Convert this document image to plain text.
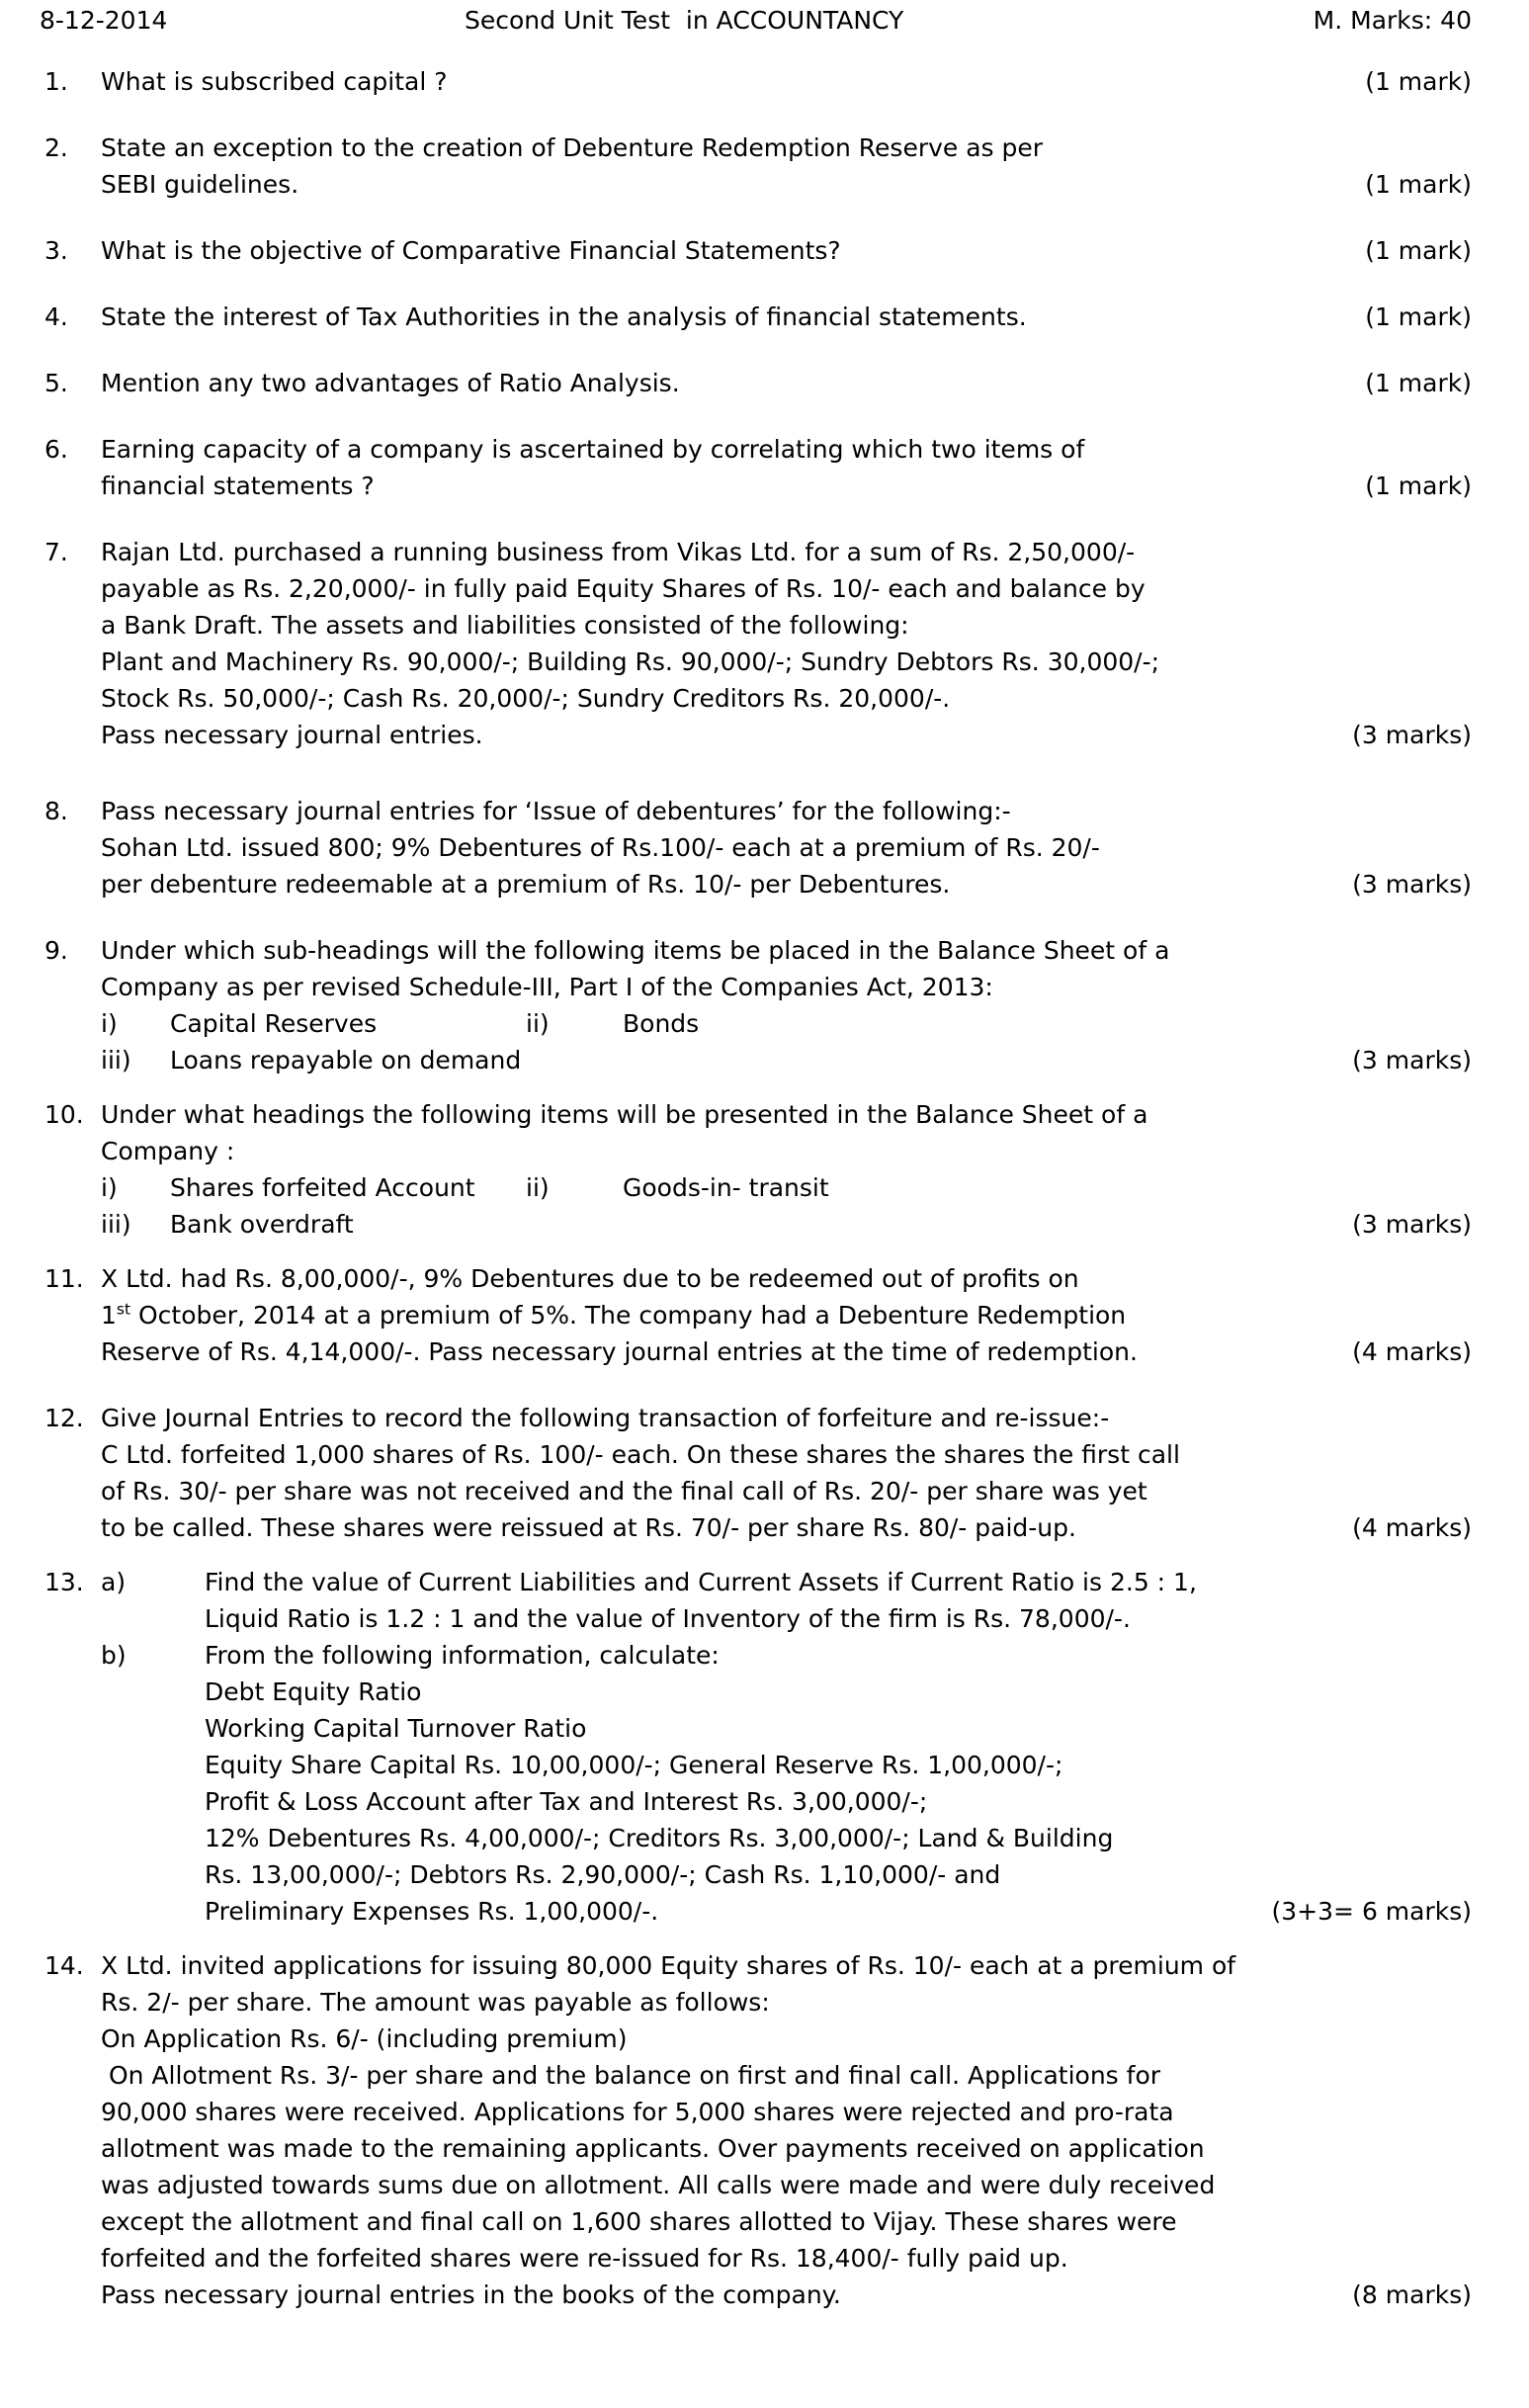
8-12-2014	Second Unit Test  in ACCOUNTANCY	M. Marks: 40
1.	What is subscribed capital ?	(1 mark)
2.	State an exception to the creation of Debenture Redemption Reserve as per
SEBI guidelines.	(1 mark)
3.	What is the objective of Comparative Financial Statements?	(1 mark)
4.	State the interest of Tax Authorities in the analysis of financial statements.	(1 mark)
5.	Mention any two advantages of Ratio Analysis.	(1 mark)
6.	Earning capacity of a company is ascertained by correlating which two items of
financial statements ?	(1 mark)
7.	Rajan Ltd. purchased a running business from Vikas Ltd. for a sum of Rs. 2,50,000/-
payable as Rs. 2,20,000/- in fully paid Equity Shares of Rs. 10/- each and balance by
a Bank Draft. The assets and liabilities consisted of the following:
Plant and Machinery Rs. 90,000/-; Building Rs. 90,000/-; Sundry Debtors Rs. 30,000/-;
Stock Rs. 50,000/-; Cash Rs. 20,000/-; Sundry Creditors Rs. 20,000/-.
Pass necessary journal entries.	(3 marks)
8.	Pass necessary journal entries for ‘Issue of debentures’ for the following:-
Sohan Ltd. issued 800; 9% Debentures of Rs.100/- each at a premium of Rs. 20/-
per debenture redeemable at a premium of Rs. 10/- per Debentures.	(3 marks)
9.	Under which sub-headings will the following items be placed in the Balance Sheet of a
Company as per revised Schedule-III, Part I of the Companies Act, 2013:
i)	Capital Reserves	ii)	Bonds
iii)	Loans repayable on demand	(3 marks)
10. Under what headings the following items will be presented in the Balance Sheet of a
Company :
i)	Shares forfeited Account	ii)	Goods-in- transit
iii)	Bank overdraft	(3 marks)
11. X Ltd. had Rs. 8,00,000/-, 9% Debentures due to be redeemed out of profits on
1st October, 2014 at a premium of 5%. The company had a Debenture Redemption
Reserve of Rs. 4,14,000/-. Pass necessary journal entries at the time of redemption.	(4 marks)
12. Give Journal Entries to record the following transaction of forfeiture and re-issue:-
C Ltd. forfeited 1,000 shares of Rs. 100/- each. On these shares the shares the first call
of Rs. 30/- per share was not received and the final call of Rs. 20/- per share was yet
to be called. These shares were reissued at Rs. 70/- per share Rs. 80/- paid-up.	(4 marks)
13. a)	Find the value of Current Liabilities and Current Assets if Current Ratio is 2.5 : 1,
Liquid Ratio is 1.2 : 1 and the value of Inventory of the firm is Rs. 78,000/-.
b)	From the following information, calculate:
Debt Equity Ratio
Working Capital Turnover Ratio
Equity Share Capital Rs. 10,00,000/-; General Reserve Rs. 1,00,000/-;
Profit & Loss Account after Tax and Interest Rs. 3,00,000/-;
12% Debentures Rs. 4,00,000/-; Creditors Rs. 3,00,000/-; Land & Building
Rs. 13,00,000/-; Debtors Rs. 2,90,000/-; Cash Rs. 1,10,000/- and
Preliminary Expenses Rs. 1,00,000/-.	(3+3= 6 marks)
14. X Ltd. invited applications for issuing 80,000 Equity shares of Rs. 10/- each at a premium of
Rs. 2/- per share. The amount was payable as follows:
On Application Rs. 6/- (including premium)
On Allotment Rs. 3/- per share and the balance on first and final call. Applications for
90,000 shares were received. Applications for 5,000 shares were rejected and pro-rata
allotment was made to the remaining applicants. Over payments received on application
was adjusted towards sums due on allotment. All calls were made and were duly received
except the allotment and final call on 1,600 shares allotted to Vijay. These shares were
forfeited and the forfeited shares were re-issued for Rs. 18,400/- fully paid up.
Pass necessary journal entries in the books of the company.	(8 marks)
